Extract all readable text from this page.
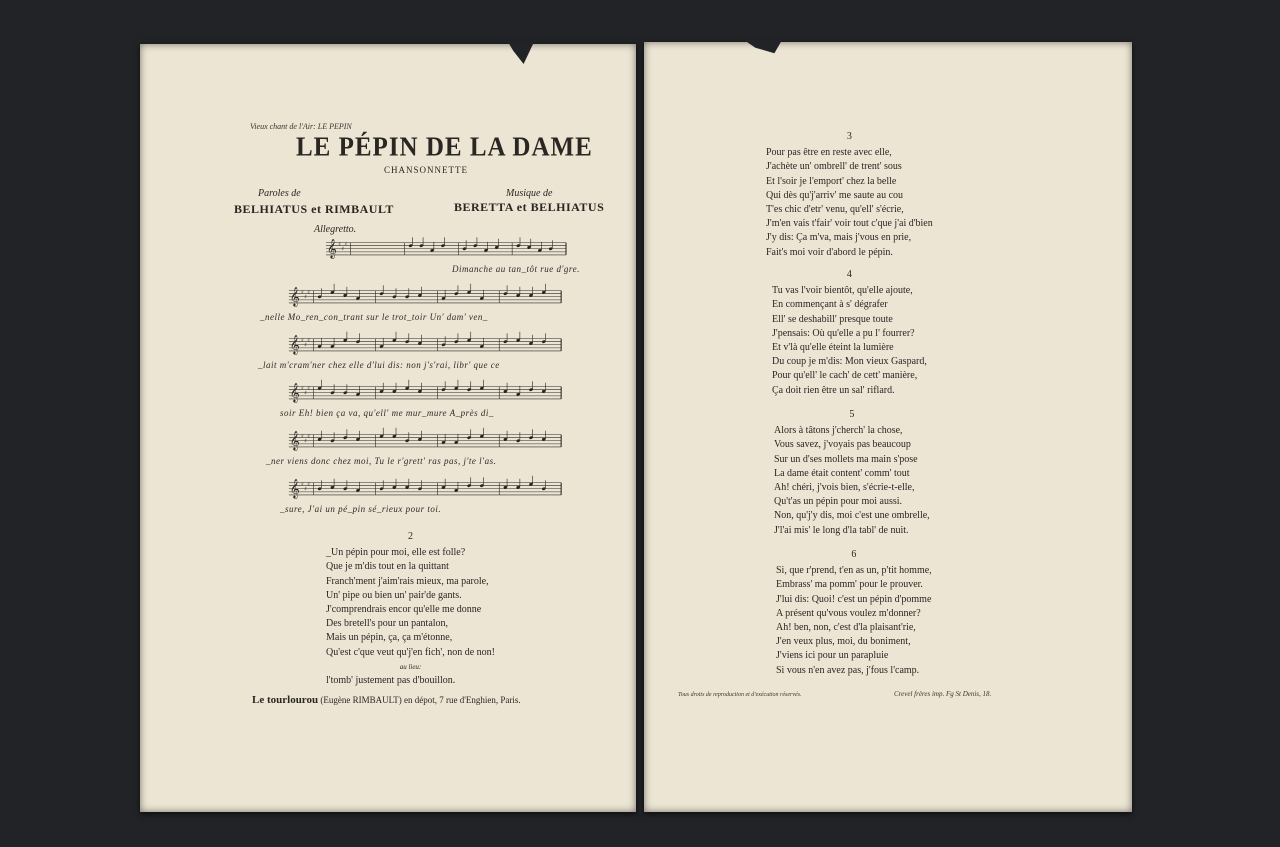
Vieux chant de l'Air: LE PEPIN
LE PÉPIN DE LA DAME
CHANSONNETTE
Paroles de
BELHIATUS et RIMBAULT
Musique de
BERETTA et BELHIATUS
Allegretto.
𝄞 ♯
♯
♯
Dimanche au tan_tôt rue d'gre.
𝄞 ♯
♯
♯
_nelle Mo_ren_con_trant sur le trot_toir Un' dam' ven_
𝄞 ♯
♯
♯
_lait m'cram'ner chez elle d'lui dis: non j's'rai, libr' que ce
𝄞 ♯
♯
♯
soir Eh! bien ça va, qu'ell' me mur_mure A_près di_
𝄞 ♯
♯
♯
_ner viens donc chez moi, Tu le r'grett' ras pas, j'te l'as.
𝄞 ♯
♯
♯
_sure, J'ai un pé_pin sé_rieux pour toi.
2
_Un pépin pour moi, elle est folle?
Que je m'dis tout en la quittant
Franch'ment j'aim'rais mieux, ma parole,
Un' pipe ou bien un' pair'de gants.
J'comprendrais encor qu'elle me donne
Des bretell's pour un pantalon,
Mais un pépin, ça, ça m'étonne,
Qu'est c'que veut qu'j'en fich', non de non!
au lieu:
l'tomb' justement pas d'bouillon.
Le tourlourou (Eugène RIMBAULT) en dépot, 7 rue d'Enghien, Paris.
3
Pour pas être en reste avec elle,
J'achète un' ombrell' de trent' sous
Et l'soir je l'emport' chez la belle
Qui dès qu'j'arriv' me saute au cou
T'es chic d'etr' venu, qu'ell' s'écrie,
J'm'en vais t'fair' voir tout c'que j'ai d'bien
J'y dis: Ça m'va, mais j'vous en prie,
Fait's moi voir d'abord le pépin.
4
Tu vas l'voir bientôt, qu'elle ajoute,
En commençant à s' dégrafer
Ell' se deshabill' presque toute
J'pensais: Où qu'elle a pu l' fourrer?
Et v'là qu'elle éteint la lumière
Du coup je m'dis: Mon vieux Gaspard,
Pour qu'ell' le cach' de cett' manière,
Ça doit rien être un sal' riflard.
5
Alors à tâtons j'cherch' la chose,
Vous savez, j'voyais pas beaucoup
Sur un d'ses mollets ma main s'pose
La dame était content' comm' tout
Ah! chéri, j'vois bien, s'écrie-t-elle,
Qu't'as un pépin pour moi aussi.
Non, qu'j'y dis, moi c'est une ombrelle,
J'l'ai mis' le long d'la tabl' de nuit.
6
Si, que r'prend, t'en as un, p'tit homme,
Embrass' ma pomm' pour le prouver.
J'lui dis: Quoi! c'est un pépin d'pomme
A présent qu'vous voulez m'donner?
Ah! ben, non, c'est d'la plaisant'rie,
J'en veux plus, moi, du boniment,
J'viens ici pour un parapluie
Si vous n'en avez pas, j'fous l'camp.
Tous droits de reproduction et d'exécution réservés.	Crevel frères imp. Fg St Denis, 18.
